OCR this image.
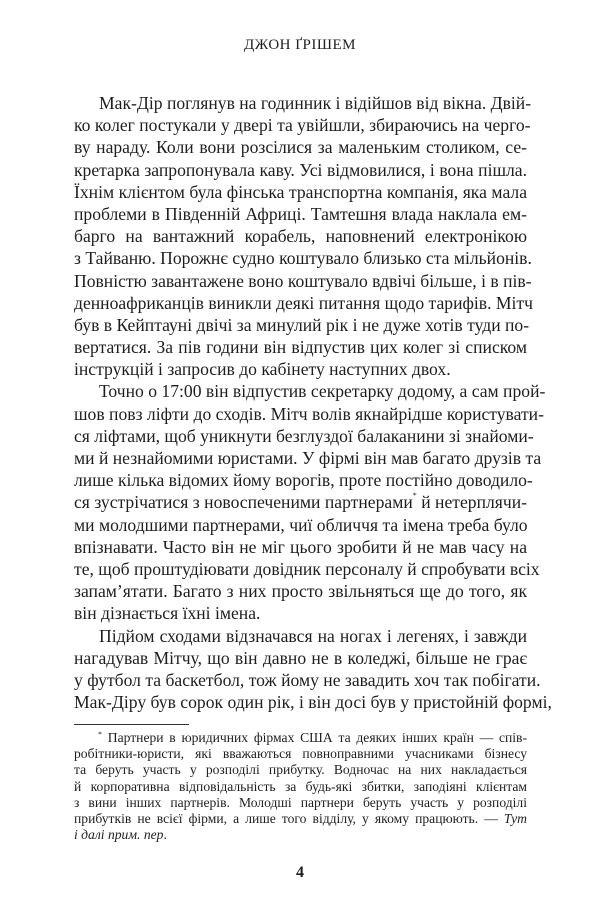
ДЖОН ҐРІШЕМ
Мак-Дір поглянув на годинник і відійшов від вікна. Двій-
ко колег постукали у двері та увійшли, збираючись на черго-
ву нараду. Коли вони розсілися за маленьким столиком, се-
кретарка запропонувала каву. Усі відмовилися, і вона пішла.
Їхнім клієнтом була фінська транспортна компанія, яка мала
проблеми в Південній Африці. Тамтешня влада наклала ем-
барго на вантажний корабель, наповнений електронікою
з Тайваню. Порожнє судно коштувало близько ста мільйонів.
Повністю завантажене воно коштувало вдвічі більше, і в пів-
денноафриканців виникли деякі питання щодо тарифів. Мітч
був в Кейптауні двічі за минулий рік і не дуже хотів туди по-
вертатися. За пів години він відпустив цих колег зі списком
інструкцій і запросив до кабінету наступних двох.
Точно о 17:00 він відпустив секретарку додому, а сам прой-
шов повз ліфти до сходів. Мітч волів якнайрідше користувати-
ся ліфтами, щоб уникнути безглуздої балаканини зі знайоми-
ми й незнайомими юристами. У фірмі він мав багато друзів та
лише кілька відомих йому ворогів, проте постійно доводило-
ся зустрічатися з новоспеченими партнерами* й нетерплячи-
ми молодшими партнерами, чиї обличчя та імена треба було
впізнавати. Часто він не міг цього зробити й не мав часу на
те, щоб проштудіювати довідник персоналу й спробувати всіх
запам’ятати. Багато з них просто звільняться ще до того, як
він дізнається їхні імена.
Підйом сходами відзначався на ногах і легенях, і завжди
нагадував Мітчу, що він давно не в коледжі, більше не грає
у футбол та баскетбол, тож йому не завадить хоч так побігати.
Мак-Діру був сорок один рік, і він досі був у пристойній формі,
* Партнери в юридичних фірмах США та деяких інших країн — спів-
робітники-юристи, які вважаються повноправними учасниками бізнесу
та беруть участь у розподілі прибутку. Водночас на них накладається
й корпоративна відповідальність за будь-які збитки, заподіяні клієнтам
з вини інших партнерів. Молодші партнери беруть участь у розподілі
прибутків не всієї фірми, а лише того відділу, у якому працюють. — Тут
і далі прим. пер.
4
